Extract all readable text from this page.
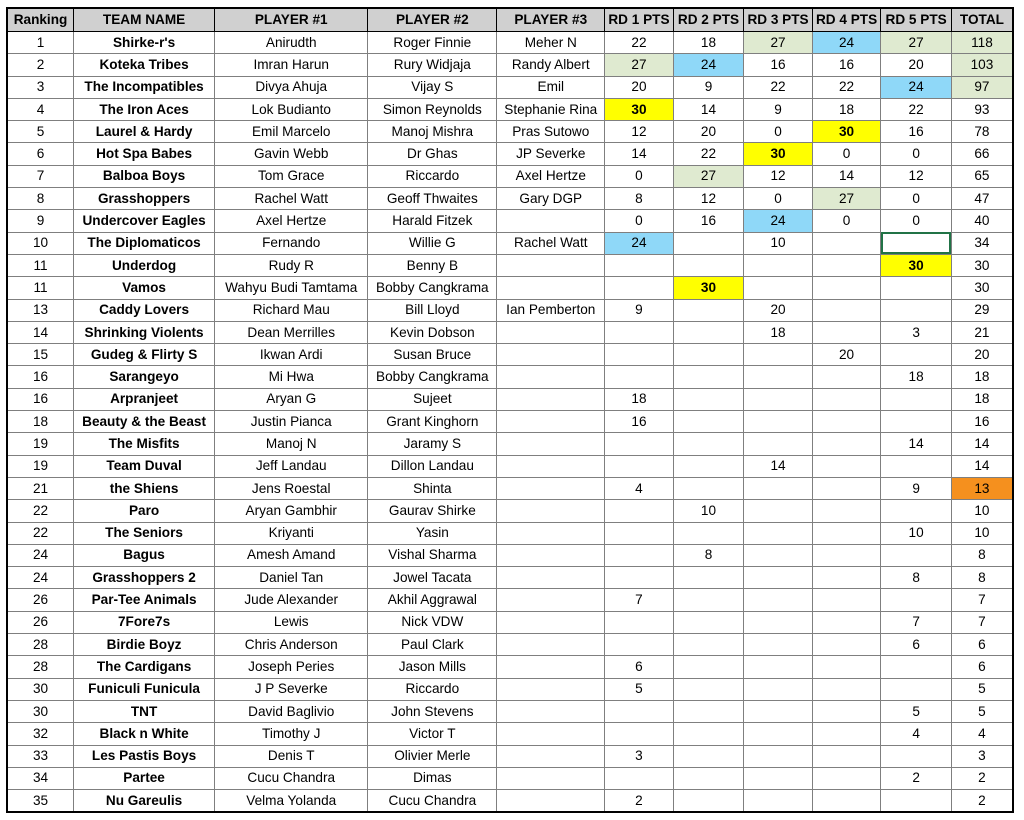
Ranking	TEAM NAME	PLAYER #1	PLAYER #2	PLAYER #3	RD 1 PTS	RD 2 PTS	RD 3 PTS	RD 4 PTS	RD 5 PTS	TOTAL
1	Shirke-r's	Anirudth	Roger Finnie	Meher N	22	18	27	24	27	118
2	Koteka Tribes	Imran Harun	Rury Widjaja	Randy Albert	27	24	16	16	20	103
3	The Incompatibles	Divya Ahuja	Vijay S	Emil	20	9	22	22	24	97
4	The Iron Aces	Lok Budianto	Simon Reynolds	Stephanie Rina	30	14	9	18	22	93
5	Laurel & Hardy	Emil Marcelo	Manoj Mishra	Pras Sutowo	12	20	0	30	16	78
6	Hot Spa Babes	Gavin Webb	Dr Ghas	JP Severke	14	22	30	0	0	66
7	Balboa Boys	Tom Grace	Riccardo	Axel Hertze	0	27	12	14	12	65
8	Grasshoppers	Rachel Watt	Geoff Thwaites	Gary DGP	8	12	0	27	0	47
9	Undercover Eagles	Axel Hertze	Harald Fitzek		0	16	24	0	0	40
10	The Diplomaticos	Fernando	Willie G	Rachel Watt	24		10			34
11	Underdog	Rudy R	Benny B						30	30
11	Vamos	Wahyu Budi Tamtama	Bobby Cangkrama			30				30
13	Caddy Lovers	Richard Mau	Bill Lloyd	Ian Pemberton	9		20			29
14	Shrinking Violents	Dean Merrilles	Kevin Dobson				18		3	21
15	Gudeg & Flirty S	Ikwan Ardi	Susan Bruce					20		20
16	Sarangeyo	Mi Hwa	Bobby Cangkrama						18	18
16	Arpranjeet	Aryan G	Sujeet		18					18
18	Beauty & the Beast	Justin Pianca	Grant Kinghorn		16					16
19	The Misfits	Manoj N	Jaramy S						14	14
19	Team Duval	Jeff Landau	Dillon Landau				14			14
21	the Shiens	Jens Roestal	Shinta		4				9	13
22	Paro	Aryan Gambhir	Gaurav Shirke			10				10
22	The Seniors	Kriyanti	Yasin						10	10
24	Bagus	Amesh Amand	Vishal Sharma			8				8
24	Grasshoppers 2	Daniel Tan	Jowel Tacata						8	8
26	Par-Tee Animals	Jude Alexander	Akhil Aggrawal		7					7
26	7Fore7s	Lewis	Nick VDW						7	7
28	Birdie Boyz	Chris Anderson	Paul Clark						6	6
28	The Cardigans	Joseph Peries	Jason Mills		6					6
30	Funiculi Funicula	J P Severke	Riccardo		5					5
30	TNT	David Baglivio	John Stevens						5	5
32	Black n White	Timothy J	Victor T						4	4
33	Les Pastis Boys	Denis T	Olivier Merle		3					3
34	Partee	Cucu Chandra	Dimas						2	2
35	Nu Gareulis	Velma Yolanda	Cucu Chandra		2					2
